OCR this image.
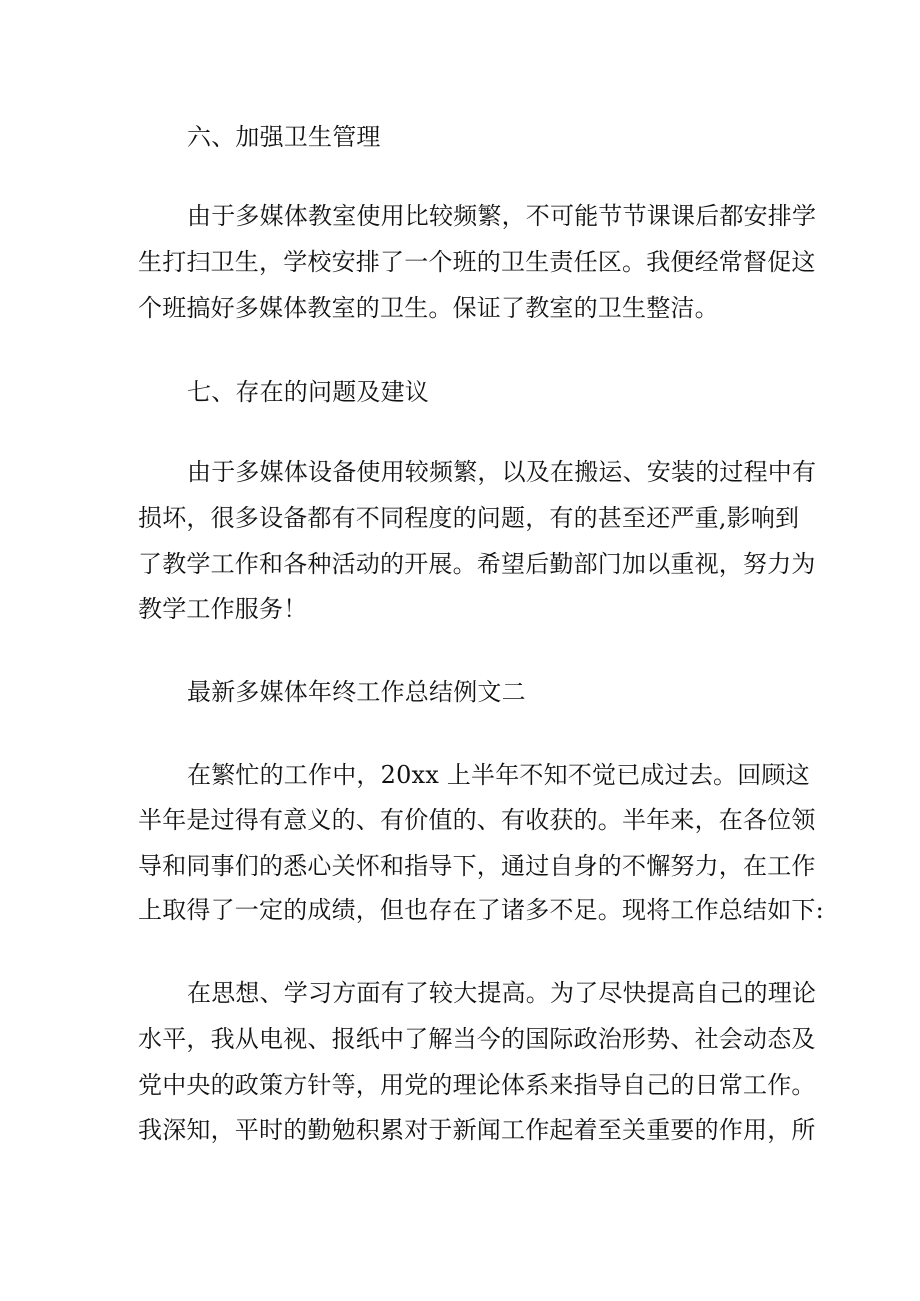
六、加强卫生管理

由于多媒体教室使用比较频繁，不可能节节课课后都安排学

生打扫卫生，学校安排了一个班的卫生责任区。我便经常督促这

个班搞好多媒体教室的卫生。保证了教室的卫生整洁。

七、存在的问题及建议

由于多媒体设备使用较频繁，以及在搬运、安装的过程中有

损坏，很多设备都有不同程度的问题，有的甚至还严重,影响到

了教学工作和各种活动的开展。希望后勤部门加以重视，努力为

教学工作服务！

最新多媒体年终工作总结例文二

在繁忙的工作中，20xx 上半年不知不觉已成过去。回顾这

半年是过得有意义的、有价值的、有收获的。半年来，在各位领

导和同事们的悉心关怀和指导下，通过自身的不懈努力，在工作

上取得了一定的成绩，但也存在了诸多不足。现将工作总结如下:

在思想、学习方面有了较大提高。为了尽快提高自己的理论

水平，我从电视、报纸中了解当今的国际政治形势、社会动态及

党中央的政策方针等，用党的理论体系来指导自己的日常工作。

我深知，平时的勤勉积累对于新闻工作起着至关重要的作用，所
